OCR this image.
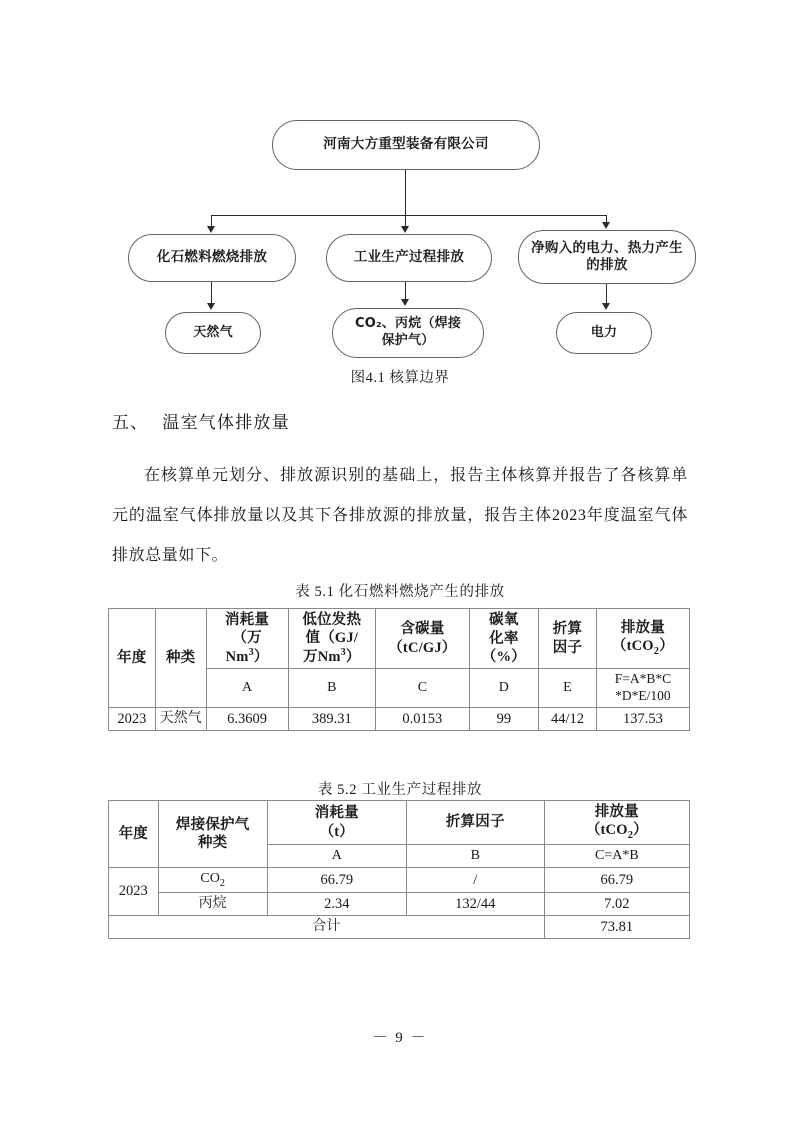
河南大方重型装备有限公司
化石燃料燃烧排放	工业生产过程排放
净购入的电力、热力产生的排放
天然气
CO₂、丙烷（焊接
保护气）
电力
图4.1 核算边界
五、 温室气体排放量
在核算单元划分、排放源识别的基础上，报告主体核算并报告了各核算单元的温室气体排放量以及其下各排放源的排放量，报告主体2023年度温室气体排放总量如下。
表 5.1 化石燃料燃烧产生的排放
年度	种类	消耗量
（万
Nm$^3$）	低位发热
值（GJ/
万Nm$^3$）	含碳量
（tC/GJ）	碳氧
化率
（%）	折算
因子	排放量
（tCO$_2$）
		A	B	C	D	E	F=A*B*C
*D*E/100
2023	天然气	6.3609	389.31	0.0153	99	44/12	137.53
表 5.2 工业生产过程排放
年度	焊接保护气
种类	消耗量
（t）	折算因子	排放量
（tCO$_2$）
		A	B	C=A*B
2023	$CO_2$	66.79	/	66.79
	丙烷	2.34	132/44	7.02
合计				73.81
－ 9 －
